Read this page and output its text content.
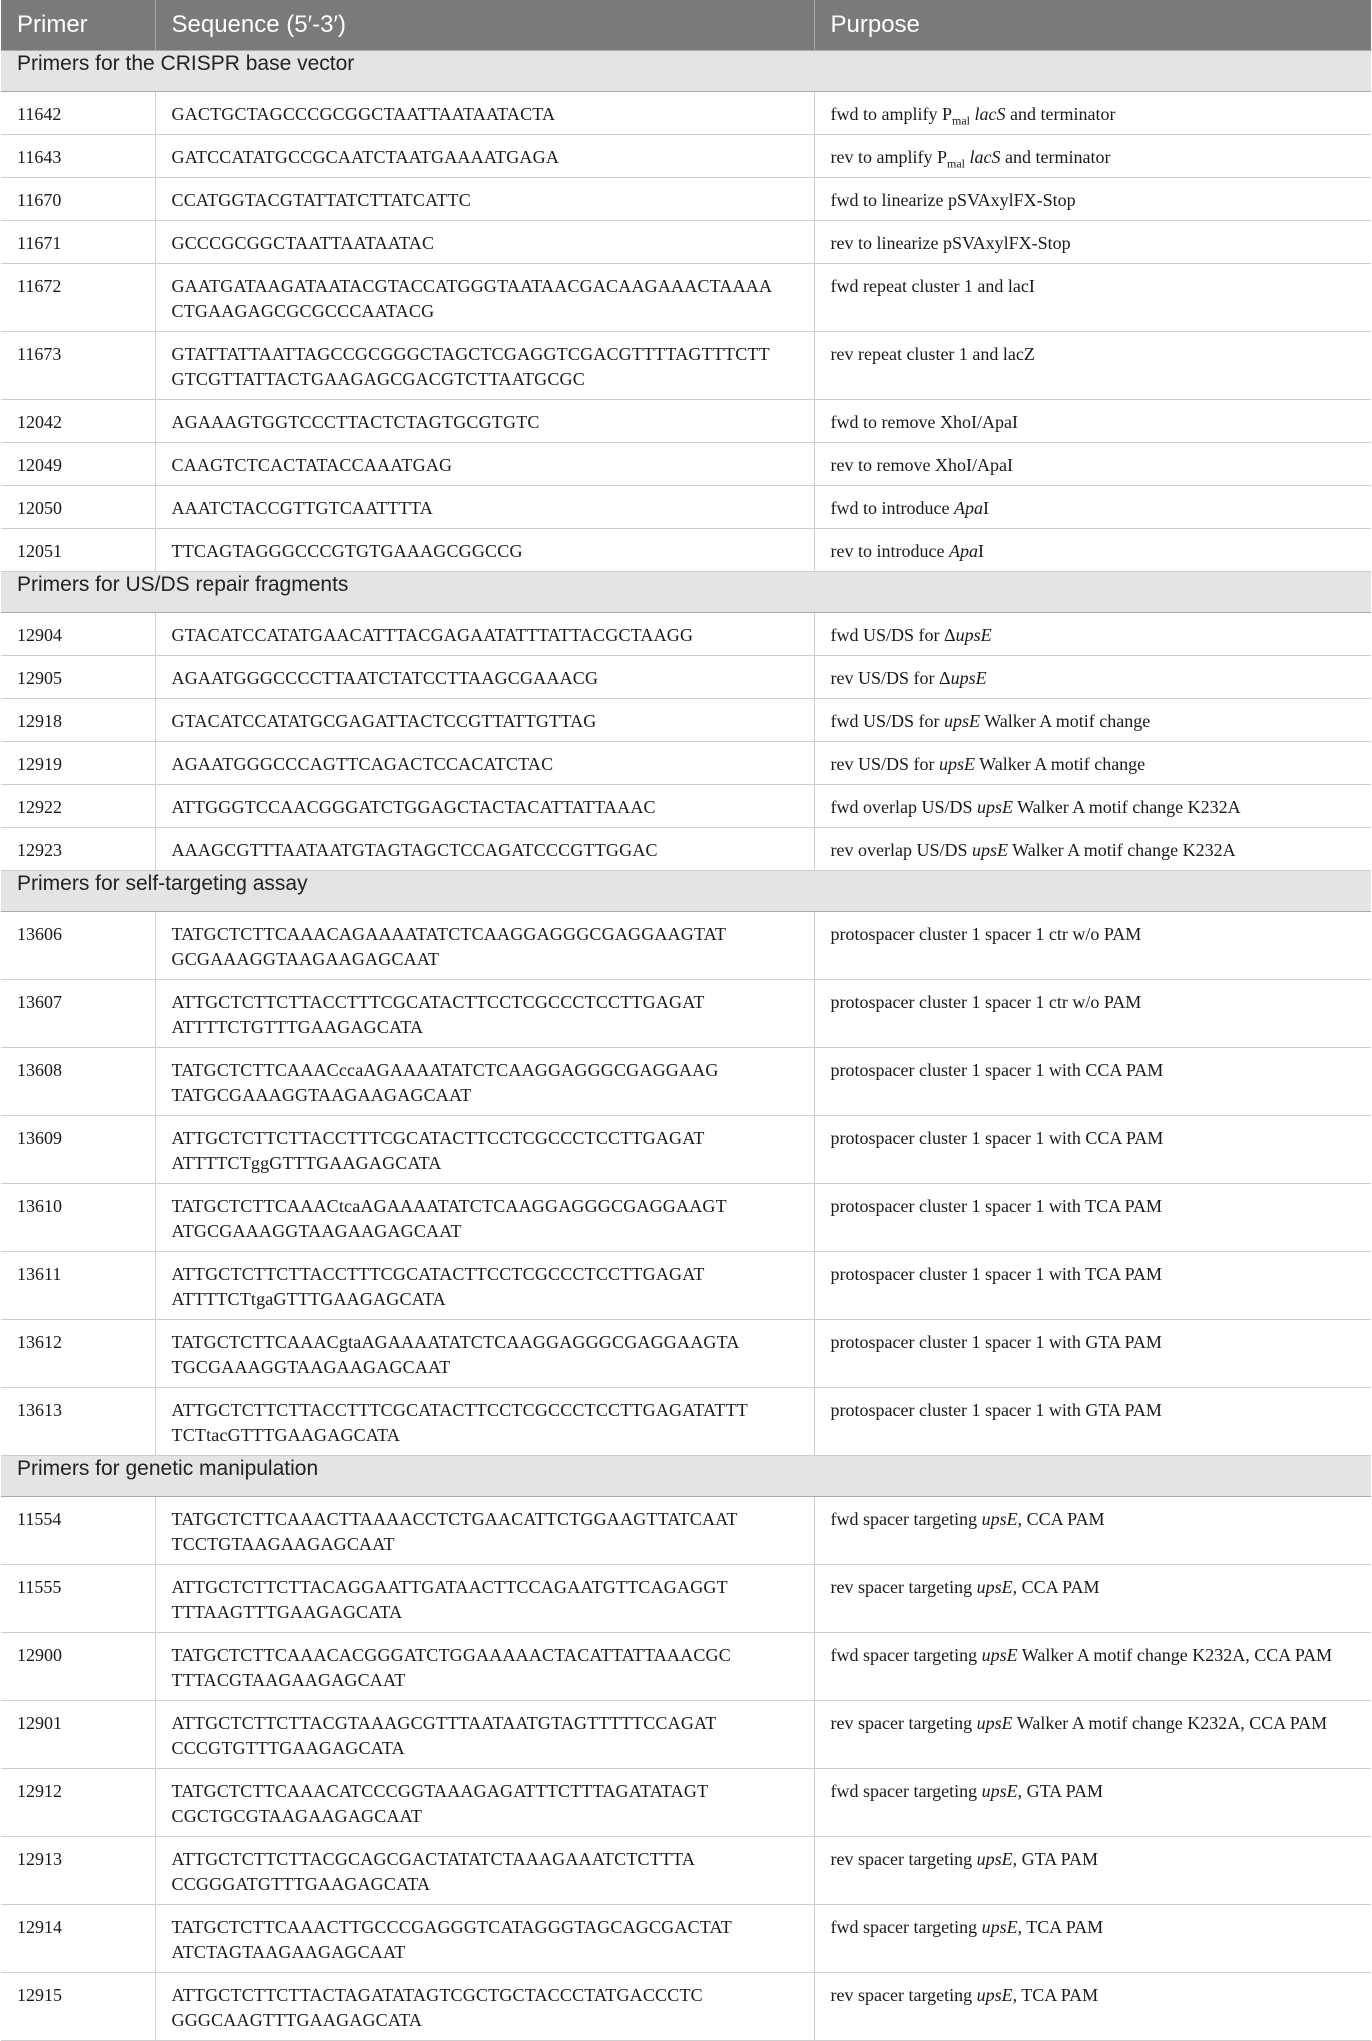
Primer	Sequence (5′-3′)	Purpose
Primers for the CRISPR base vector		
11642	GACTGCTAGCCCGCGGCTAATTAATAATACTA	fwd to amplify $P_{mal}$ lacS and terminator
11643	GATCCATATGCCGCAATCTAATGAAAATGAGA	rev to amplify $P_{mal}$ lacS and terminator
11670	CCATGGTACGTATTATCTTATCATTC	fwd to linearize pSVAxylFX-Stop
11671	GCCCGCGGCTAATTAATAATAC	rev to linearize pSVAxylFX-Stop
11672	GAATGATAAGATAATACGTACCATGGGTAATAACGACAAGAAACTAAAA
CTGAAGAGCGCGCCCAATACG	fwd repeat cluster 1 and lacI
11673	GTATTATTAATTAGCCGCGGGCTAGCTCGAGGTCGACGTTTTAGTTTCTT
GTCGTTATTACTGAAGAGCGACGTCTTAATGCGC	rev repeat cluster 1 and lacZ
12042	AGAAAGTGGTCCCTTACTCTAGTGCGTGTC	fwd to remove XhoI/ApaI
12049	CAAGTCTCACTATACCAAATGAG	rev to remove XhoI/ApaI
12050	AAATCTACCGTTGTCAATTTTA	fwd to introduce ApaI
12051	TTCAGTAGGGCCCGTGTGAAAGCGGCCG	rev to introduce ApaI
Primers for US/DS repair fragments		
12904	GTACATCCATATGAACATTTACGAGAATATTTATTACGCTAAGG	fwd US/DS for ΔupsE
12905	AGAATGGGCCCCTTAATCTATCCTTAAGCGAAACG	rev US/DS for ΔupsE
12918	GTACATCCATATGCGAGATTACTCCGTTATTGTTAG	fwd US/DS for upsE Walker A motif change
12919	AGAATGGGCCCAGTTCAGACTCCACATCTAC	rev US/DS for upsE Walker A motif change
12922	ATTGGGTCCAACGGGATCTGGAGCTACTACATTATTAAAC	fwd overlap US/DS upsE Walker A motif change K232A
12923	AAAGCGTTTAATAATGTAGTAGCTCCAGATCCCGTTGGAC	rev overlap US/DS upsE Walker A motif change K232A
Primers for self-targeting assay		
13606	TATGCTCTTCAAACAGAAAATATCTCAAGGAGGGCGAGGAAGTAT
GCGAAAGGTAAGAAGAGCAAT	protospacer cluster 1 spacer 1 ctr w/o PAM
13607	ATTGCTCTTCTTACCTTTCGCATACTTCCTCGCCCTCCTTGAGAT
ATTTTCTGTTTGAAGAGCATA	protospacer cluster 1 spacer 1 ctr w/o PAM
13608	TATGCTCTTCAAACccaAGAAAATATCTCAAGGAGGGCGAGGAAG
TATGCGAAAGGTAAGAAGAGCAAT	protospacer cluster 1 spacer 1 with CCA PAM
13609	ATTGCTCTTCTTACCTTTCGCATACTTCCTCGCCCTCCTTGAGAT
ATTTTCTggGTTTGAAGAGCATA	protospacer cluster 1 spacer 1 with CCA PAM
13610	TATGCTCTTCAAACtcaAGAAAATATCTCAAGGAGGGCGAGGAAGT
ATGCGAAAGGTAAGAAGAGCAAT	protospacer cluster 1 spacer 1 with TCA PAM
13611	ATTGCTCTTCTTACCTTTCGCATACTTCCTCGCCCTCCTTGAGAT
ATTTTCTtgaGTTTGAAGAGCATA	protospacer cluster 1 spacer 1 with TCA PAM
13612	TATGCTCTTCAAACgtaAGAAAATATCTCAAGGAGGGCGAGGAAGTA
TGCGAAAGGTAAGAAGAGCAAT	protospacer cluster 1 spacer 1 with GTA PAM
13613	ATTGCTCTTCTTACCTTTCGCATACTTCCTCGCCCTCCTTGAGATATTT
TCTtacGTTTGAAGAGCATA	protospacer cluster 1 spacer 1 with GTA PAM
Primers for genetic manipulation		
11554	TATGCTCTTCAAACTTAAAACCTCTGAACATTCTGGAAGTTATCAAT
TCCTGTAAGAAGAGCAAT	fwd spacer targeting upsE, CCA PAM
11555	ATTGCTCTTCTTACAGGAATTGATAACTTCCAGAATGTTCAGAGGT
TTTAAGTTTGAAGAGCATA	rev spacer targeting upsE, CCA PAM
12900	TATGCTCTTCAAACACGGGATCTGGAAAAACTACATTATTAAACGC
TTTACGTAAGAAGAGCAAT	fwd spacer targeting upsE Walker A motif change K232A, CCA PAM
12901	ATTGCTCTTCTTACGTAAAGCGTTTAATAATGTAGTTTTTCCAGAT
CCCGTGTTTGAAGAGCATA	rev spacer targeting upsE Walker A motif change K232A, CCA PAM
12912	TATGCTCTTCAAACATCCCGGTAAAGAGATTTCTTTAGATATAGT
CGCTGCGTAAGAAGAGCAAT	fwd spacer targeting upsE, GTA PAM
12913	ATTGCTCTTCTTACGCAGCGACTATATCTAAAGAAATCTCTTTA
CCGGGATGTTTGAAGAGCATA	rev spacer targeting upsE, GTA PAM
12914	TATGCTCTTCAAACTTGCCCGAGGGTCATAGGGTAGCAGCGACTAT
ATCTAGTAAGAAGAGCAAT	fwd spacer targeting upsE, TCA PAM
12915	ATTGCTCTTCTTACTAGATATAGTCGCTGCTACCCTATGACCCTC
GGGCAAGTTTGAAGAGCATA	rev spacer targeting upsE, TCA PAM
